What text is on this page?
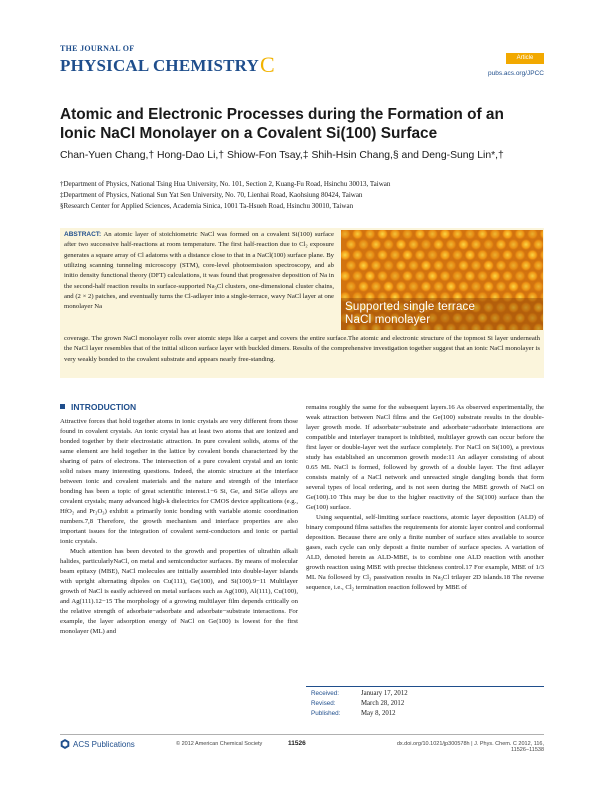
THE JOURNAL OF
PHYSICAL CHEMISTRYC	Article
pubs.acs.org/JPCC
Atomic and Electronic Processes during the Formation of an Ionic NaCl Monolayer on a Covalent Si(100) Surface
Chan-Yuen Chang,† Hong-Dao Li,† Shiow-Fon Tsay,‡ Shih-Hsin Chang,§ and Deng-Sung Lin*,†
†Department of Physics, National Tsing Hua University, No. 101, Section 2, Kuang-Fu Road, Hsinchu 30013, Taiwan
‡Department of Physics, National Sun Yat Sen University, No. 70, Lienhai Road, Kaohsiung 80424, Taiwan
§Research Center for Applied Sciences, Academia Sinica, 1001 Ta-Hsueh Road, Hsinchu 30010, Taiwan
ABSTRACT: An atomic layer of stoichiometric NaCl was formed on a covalent Si(100) surface after two successive half-reactions at room temperature. The first half-reaction due to Cl₂ exposure generates a square array of Cl adatoms with a distance close to that in a NaCl(100) surface plane. By utilizing scanning tunneling microscopy (STM), core-level photoemission spectroscopy, and ab initio density functional theory (DFT) calculations, it was found that progressive deposition of Na in the second-half reaction results in surface-supported Na₃Cl clusters, one-dimensional cluster chains, and (2 × 2) patches, and eventually turns the Cl-adlayer into a single-terrace, wavy NaCl layer at one monolayer Na
coverage. The grown NaCl monolayer rolls over atomic steps like a carpet and covers the entire surface.The atomic and electronic structure of the topmost Si layer underneath the NaCl layer resembles that of the initial silicon surface layer with buckled dimers. Results of the comprehensive investigation together suggest that an ionic NaCl monolayer is very weakly bonded to the covalent substrate and appears nearly free-standing.
Supported single terrace
NaCl monolayer
INTRODUCTION

Attractive forces that hold together atoms in ionic crystals are very different from those found in covalent crystals. An ionic crystal has at least two atoms that are ionized and bonded together by their electrostatic attraction. In pure covalent solids, atoms of the same element are held together in the lattice by covalent bonds characterized by the sharing of pairs of electrons. The intersection of a pure covalent crystal and an ionic solid raises many interesting questions. Indeed, the atomic structure at the interface between ionic and covalent materials and the nature and strength of the interface bonding has been a topic of great scientific interest.1−6 Si, Ge, and SiGe alloys are covalent crystals; many advanced high-k dielectrics for CMOS device applications (e.g., HfO₂ and Pr₂O₃) exhibit a primarily ionic bonding with variable atomic coordination numbers.7,8 Therefore, the growth mechanism and interface properties are also important issues for the integration of covalent semi-conductors and ionic or partial ionic crystals.

Much attention has been devoted to the growth and properties of ultrathin alkali halides, particularlyNaCl, on metal and semiconductor surfaces. By means of molecular beam epitaxy (MBE), NaCl molecules are initially assembled into double-layer islands with upright alternating dipoles on Cu(111), Ge(100), and Si(100).9−11 Multilayer growth of NaCl is easily achieved on metal surfaces such as Ag(100), Al(111), Cu(100), and Ag(111).12−15 The morphology of a growing multilayer film depends critically on the relative strength of adsorbate−adsorbate and adsorbate−substrate interactions. For example, the layer adsorption energy of NaCl on Ge(100) is lowest for the first monolayer (ML) and

remains roughly the same for the subsequent layers.16 As observed experimentally, the weak attraction between NaCl films and the Ge(100) substrate results in the double-layer growth mode. If adsorbate−substrate and adsorbate−adsorbate interactions are compatible and interlayer transport is inhibited, multilayer growth can occur before the first layer or double-layer wet the surface completely. For NaCl on Si(100), a previous study has established an uncommon growth mode:11 An adlayer consisting of about 0.65 ML NaCl is formed, followed by growth of a double layer. The first adlayer consists mainly of a NaCl network and unreacted single dangling bonds that form several types of local ordering, and is not seen during the MBE growth of NaCl on Ge(100).10 This may be due to the higher reactivity of the Si(100) surface than the Ge(100) surface.

Using sequential, self-limiting surface reactions, atomic layer deposition (ALD) of binary compound films satisfies the requirements for atomic layer control and conformal deposition. Because there are only a finite number of surface sites available to source gases, each cycle can only deposit a finite number of surface species. A variation of ALD, denoted herein as ALD-MBE, is to combine one ALD reaction with another growth reaction using MBE with precise thickness control.17 For example, MBE of 1/3 ML Na followed by Cl₂ passivation results in Na₃Cl trilayer 2D islands.18 The reverse sequence, i.e., Cl₂ termination reaction followed by MBE of

Received:	January 17, 2012
Revised:	March 28, 2012
Published:	May 8, 2012
ACS Publications	© 2012 American Chemical Society	11526	dx.doi.org/10.1021/jp300578h | J. Phys. Chem. C 2012, 116, 11526−11538
